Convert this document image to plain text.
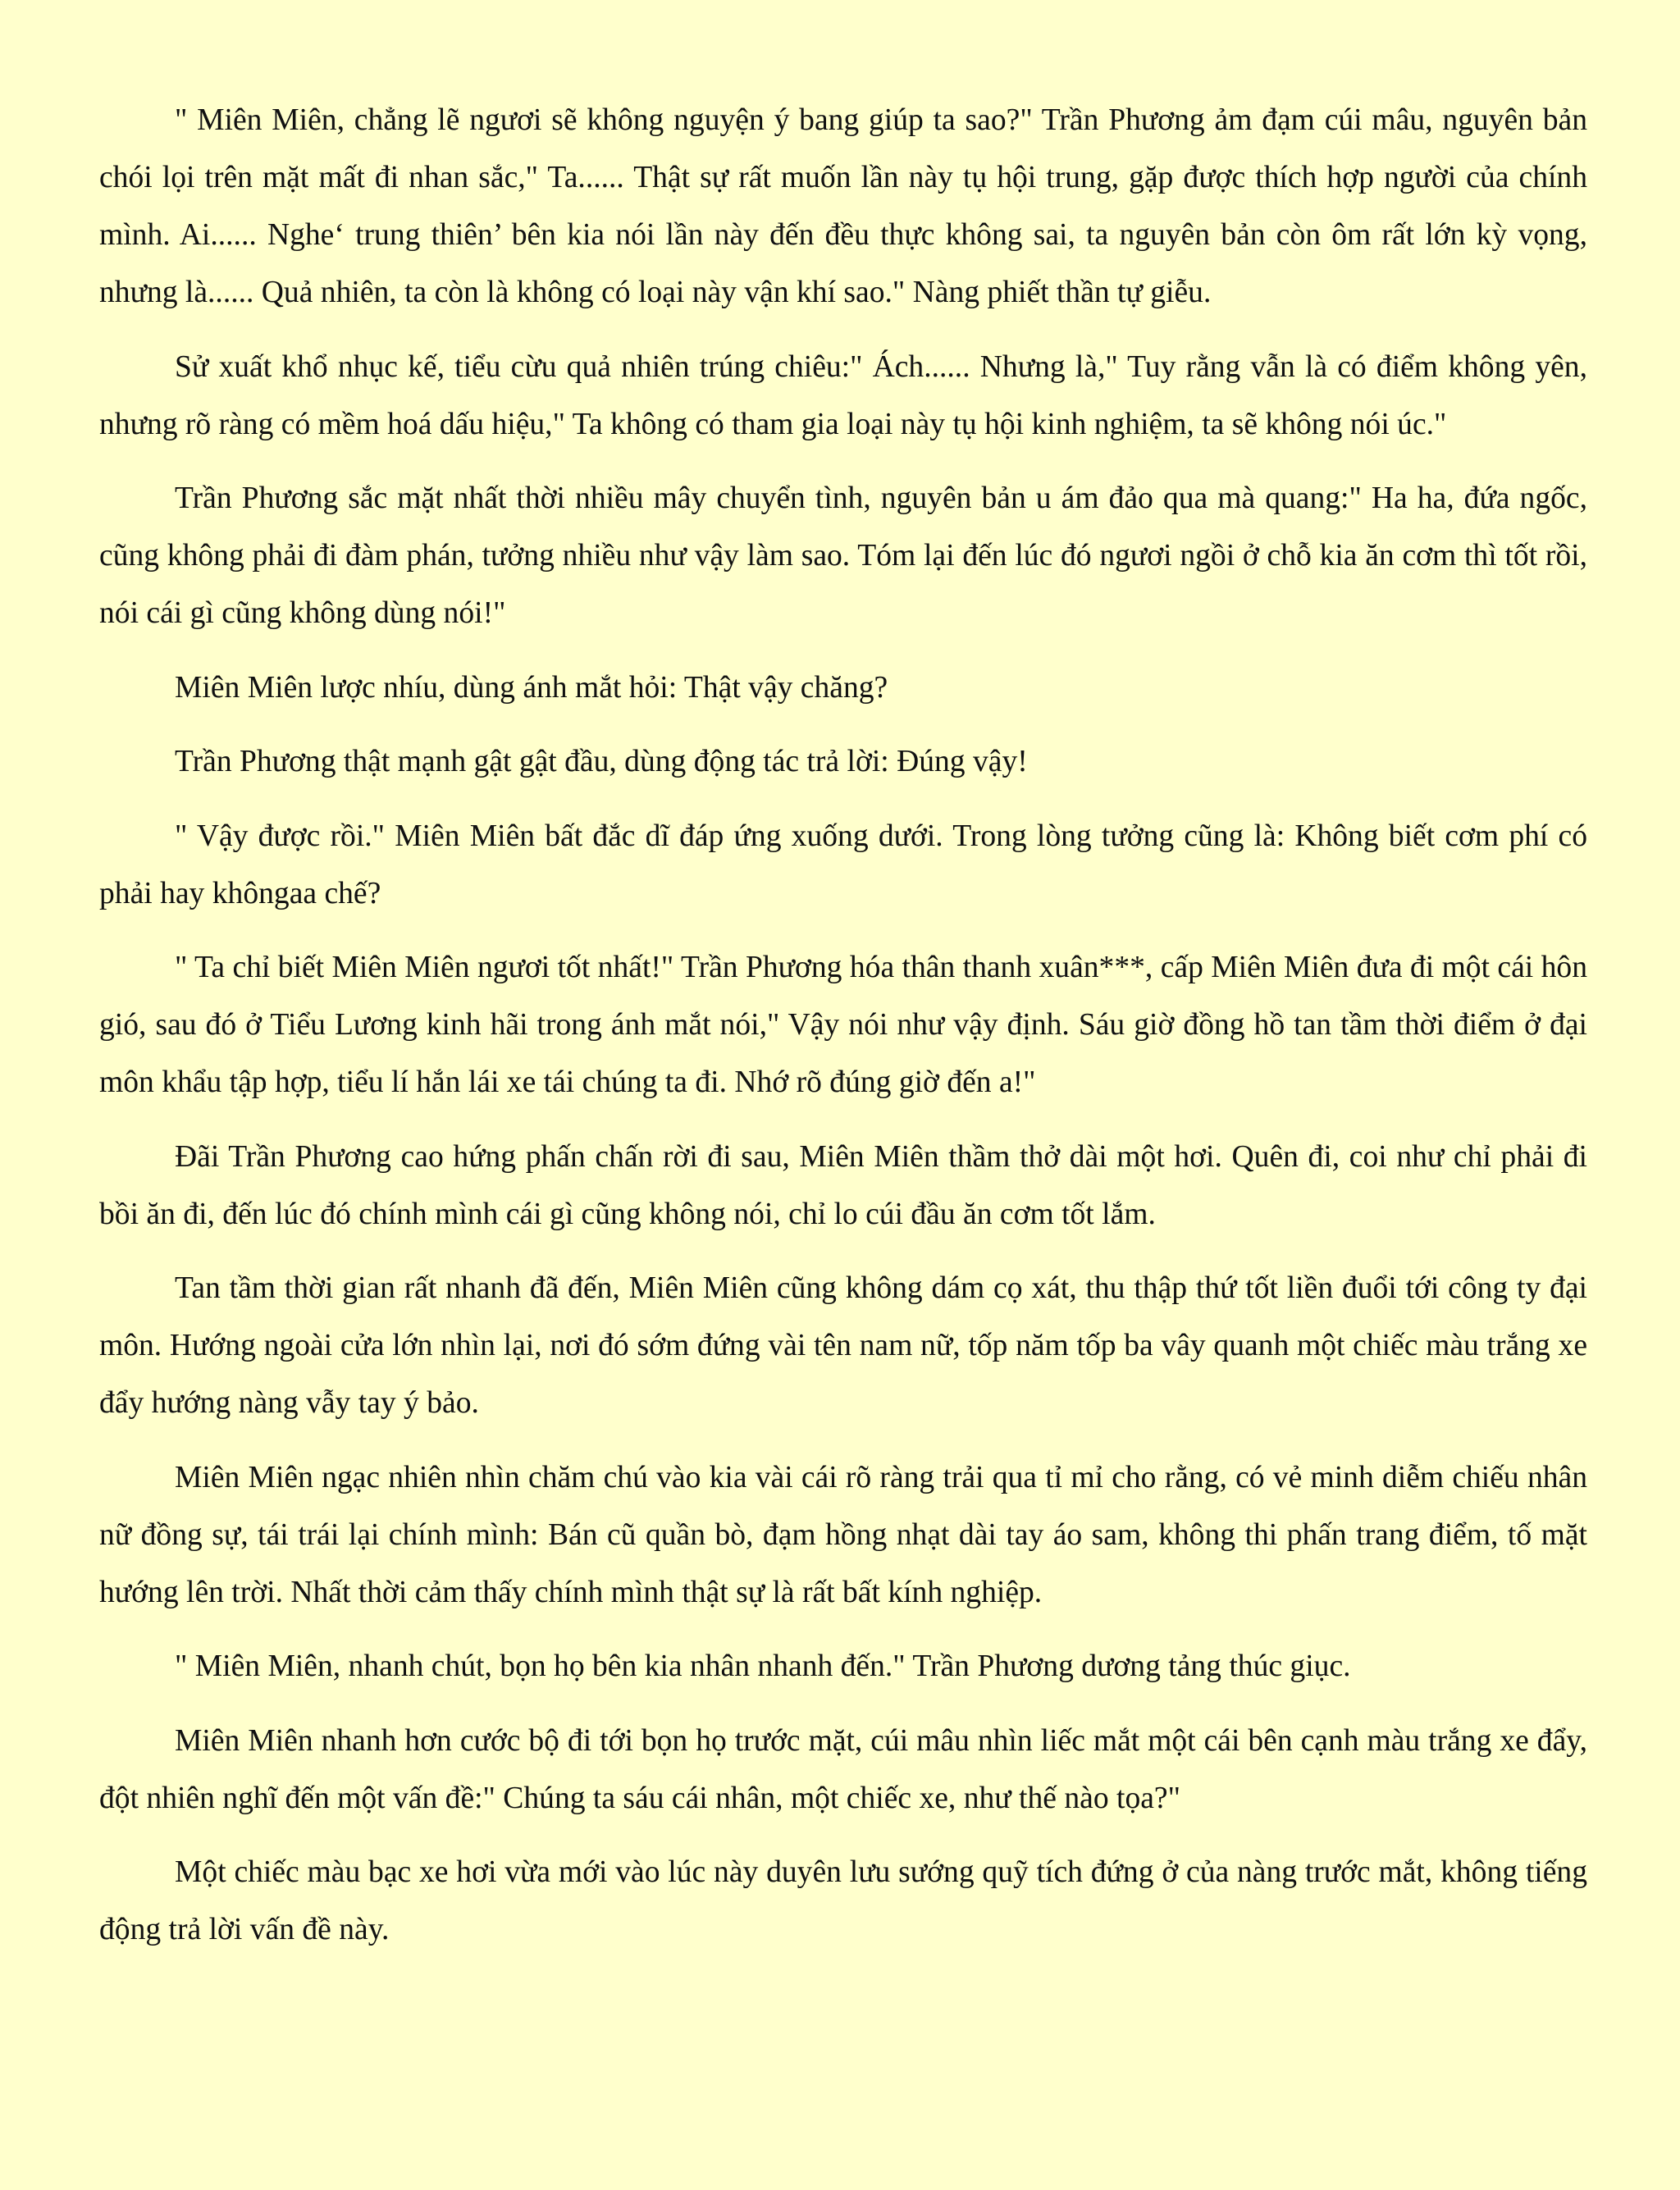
" Miên Miên, chẳng lẽ ngươi sẽ không nguyện ý bang giúp ta sao?" Trần Phương ảm đạm cúi mâu, nguyên bản chói lọi trên mặt mất đi nhan sắc," Ta...... Thật sự rất muốn lần này tụ hội trung, gặp được thích hợp người của chính mình. Ai...... Nghe‘ trung thiên’ bên kia nói lần này đến đều thực không sai, ta nguyên bản còn ôm rất lớn kỳ vọng, nhưng là...... Quả nhiên, ta còn là không có loại này vận khí sao." Nàng phiết thần tự giễu.

Sử xuất khổ nhục kế, tiểu cừu quả nhiên trúng chiêu:" Ách...... Nhưng là," Tuy rằng vẫn là có điểm không yên, nhưng rõ ràng có mềm hoá dấu hiệu," Ta không có tham gia loại này tụ hội kinh nghiệm, ta sẽ không nói úc."

Trần Phương sắc mặt nhất thời nhiều mây chuyển tình, nguyên bản u ám đảo qua mà quang:" Ha ha, đứa ngốc, cũng không phải đi đàm phán, tưởng nhiều như vậy làm sao. Tóm lại đến lúc đó ngươi ngồi ở chỗ kia ăn cơm thì tốt rồi, nói cái gì cũng không dùng nói!"

Miên Miên lược nhíu, dùng ánh mắt hỏi: Thật vậy chăng?

Trần Phương thật mạnh gật gật đầu, dùng động tác trả lời: Đúng vậy!

" Vậy được rồi." Miên Miên bất đắc dĩ đáp ứng xuống dưới. Trong lòng tưởng cũng là: Không biết cơm phí có phải hay khôngaa chế?

" Ta chỉ biết Miên Miên ngươi tốt nhất!" Trần Phương hóa thân thanh xuân***, cấp Miên Miên đưa đi một cái hôn gió, sau đó ở Tiểu Lương kinh hãi trong ánh mắt nói," Vậy nói như vậy định. Sáu giờ đồng hồ tan tầm thời điểm ở đại môn khẩu tập hợp, tiểu lí hắn lái xe tái chúng ta đi. Nhớ rõ đúng giờ đến a!"

Đãi Trần Phương cao hứng phấn chấn rời đi sau, Miên Miên thầm thở dài một hơi. Quên đi, coi như chỉ phải đi bồi ăn đi, đến lúc đó chính mình cái gì cũng không nói, chỉ lo cúi đầu ăn cơm tốt lắm.

Tan tầm thời gian rất nhanh đã đến, Miên Miên cũng không dám cọ xát, thu thập thứ tốt liền đuổi tới công ty đại môn. Hướng ngoài cửa lớn nhìn lại, nơi đó sớm đứng vài tên nam nữ, tốp năm tốp ba vây quanh một chiếc màu trắng xe đẩy hướng nàng vẫy tay ý bảo.

Miên Miên ngạc nhiên nhìn chăm chú vào kia vài cái rõ ràng trải qua tỉ mỉ cho rằng, có vẻ minh diễm chiếu nhân nữ đồng sự, tái trái lại chính mình: Bán cũ quần bò, đạm hồng nhạt dài tay áo sam, không thi phấn trang điểm, tố mặt hướng lên trời. Nhất thời cảm thấy chính mình thật sự là rất bất kính nghiệp.

" Miên Miên, nhanh chút, bọn họ bên kia nhân nhanh đến." Trần Phương dương tảng thúc giục.

Miên Miên nhanh hơn cước bộ đi tới bọn họ trước mặt, cúi mâu nhìn liếc mắt một cái bên cạnh màu trắng xe đẩy, đột nhiên nghĩ đến một vấn đề:" Chúng ta sáu cái nhân, một chiếc xe, như thế nào tọa?"

Một chiếc màu bạc xe hơi vừa mới vào lúc này duyên lưu sướng quỹ tích đứng ở của nàng trước mắt, không tiếng động trả lời vấn đề này.
